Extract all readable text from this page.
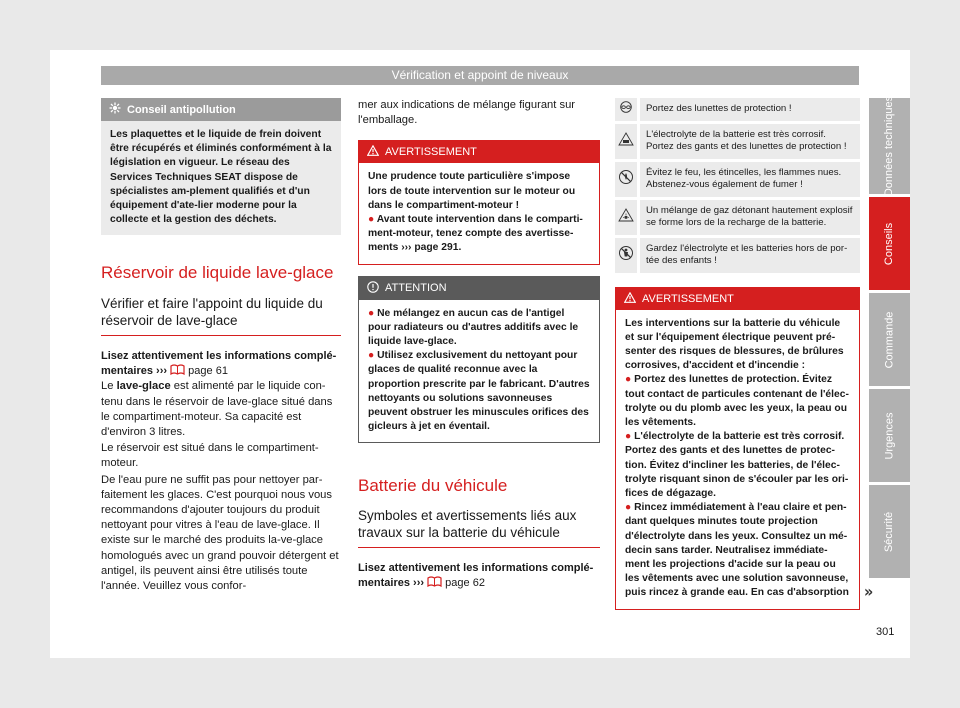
Vérification et appoint de niveaux
Conseil antipollution

Les plaquettes et le liquide de frein doivent être récupérés et éliminés conformément à la législation en vigueur. Le réseau des Services Techniques SEAT dispose de spécialistes am-plement qualifiés et d'un équipement d'ate-lier moderne pour la collecte et la gestion des déchets.

Réservoir de liquide lave-glace
Vérifier et faire l'appoint du liquide du réservoir de lave-glace
Lisez attentivement les informations complé-mentaires ››› page 61

Le lave-glace est alimenté par le liquide con-tenu dans le réservoir de lave-glace situé dans le compartiment-moteur. Sa capacité est d'environ 3 litres.

Le réservoir est situé dans le compartiment-moteur.

De l'eau pure ne suffit pas pour nettoyer par-faitement les glaces. C'est pourquoi nous vous recommandons d'ajouter toujours du produit nettoyant pour vitres à l'eau de lave-glace. Il existe sur le marché des produits la-ve-glace homologués avec un grand pouvoir détergent et antigel, ils peuvent ainsi être utilisés toute l'année. Veuillez vous confor-

mer aux indications de mélange figurant sur l'emballage.
AVERTISSEMENT

Une prudence toute particulière s'impose lors de toute intervention sur le moteur ou dans le compartiment-moteur !

● Avant toute intervention dans le comparti-ment-moteur, tenez compte des avertisse-ments ››› page 291.

ATTENTION

● Ne mélangez en aucun cas de l'antigel pour radiateurs ou d'autres additifs avec le liquide lave-glace.

● Utilisez exclusivement du nettoyant pour glaces de qualité reconnue avec la proportion prescrite par le fabricant. D'autres nettoyants ou solutions savonneuses peuvent obstruer les minuscules orifices des gicleurs à jet en éventail.

Batterie du véhicule
Symboles et avertissements liés aux travaux sur la batterie du véhicule
Lisez attentivement les informations complé-mentaires ››› page 62
	Portez des lunettes de protection !
	L'électrolyte de la batterie est très corrosif. Portez des gants et des lunettes de protection !
	Évitez le feu, les étincelles, les flammes nues. Abstenez-vous également de fumer !
	Un mélange de gaz détonant hautement explosif se forme lors de la recharge de la batterie.
	Gardez l'électrolyte et les batteries hors de por-tée des enfants !
AVERTISSEMENT

Les interventions sur la batterie du véhicule et sur l'équipement électrique peuvent pré-senter des risques de blessures, de brûlures corrosives, d'accident et d'incendie :

● Portez des lunettes de protection. Évitez tout contact de particules contenant de l'élec-trolyte ou du plomb avec les yeux, la peau ou les vêtements.

● L'électrolyte de la batterie est très corrosif. Portez des gants et des lunettes de protec-tion. Évitez d'incliner les batteries, de l'élec-trolyte risquant sinon de s'écouler par les ori-fices de dégazage.

● Rincez immédiatement à l'eau claire et pen-dant quelques minutes toute projection d'électrolyte dans les yeux. Consultez un mé-decin sans tarder. Neutralisez immédiate-ment les projections d'acide sur la peau ou les vêtements avec une solution savonneuse, puis rincez à grande eau. En cas d'absorption »
Données techniques
Conseils
Commande
Urgences
Sécurité
301
